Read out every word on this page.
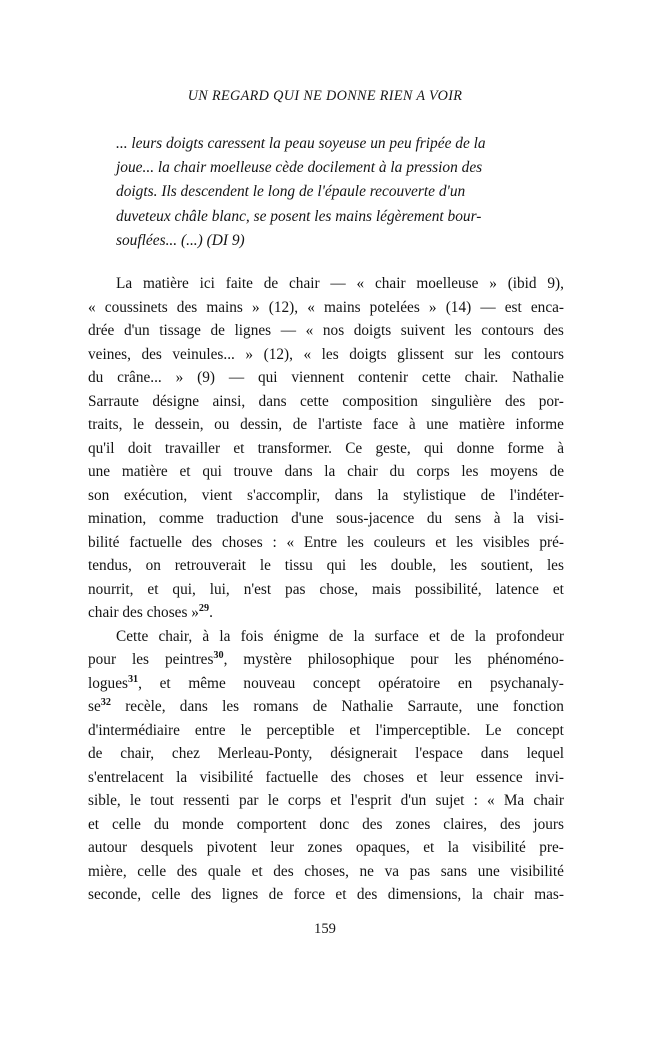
UN REGARD QUI NE DONNE RIEN A VOIR
... leurs doigts caressent la peau soyeuse un peu fripée de la
joue... la chair moelleuse cède docilement à la pression des
doigts. Ils descendent le long de l'épaule recouverte d'un
duveteux châle blanc, se posent les mains légèrement bour-
souflées... (...) (DI 9)

La matière ici faite de chair — « chair moelleuse » (ibid 9),
« coussinets des mains » (12), « mains potelées » (14) — est enca-
drée d'un tissage de lignes — « nos doigts suivent les contours des
veines, des veinules... » (12), « les doigts glissent sur les contours
du crâne... » (9) — qui viennent contenir cette chair. Nathalie
Sarraute désigne ainsi, dans cette composition singulière des por-
traits, le dessein, ou dessin, de l'artiste face à une matière informe
qu'il doit travailler et transformer. Ce geste, qui donne forme à
une matière et qui trouve dans la chair du corps les moyens de
son exécution, vient s'accomplir, dans la stylistique de l'indéter-
mination, comme traduction d'une sous-jacence du sens à la visi-
bilité factuelle des choses : « Entre les couleurs et les visibles pré-
tendus, on retrouverait le tissu qui les double, les soutient, les
nourrit, et qui, lui, n'est pas chose, mais possibilité, latence et
chair des choses »$^{29}$.

Cette chair, à la fois énigme de la surface et de la profondeur
pour les peintres$^{30}$, mystère philosophique pour les phénoméno-
logues$^{31}$, et même nouveau concept opératoire en psychanaly-
$se^{32}$ recèle, dans les romans de Nathalie Sarraute, une fonction
d'intermédiaire entre le perceptible et l'imperceptible. Le concept
de chair, chez Merleau-Ponty, désignerait l'espace dans lequel
s'entrelacent la visibilité factuelle des choses et leur essence invi-
sible, le tout ressenti par le corps et l'esprit d'un sujet : « Ma chair
et celle du monde comportent donc des zones claires, des jours
autour desquels pivotent leur zones opaques, et la visibilité pre-
mière, celle des quale et des choses, ne va pas sans une visibilité
seconde, celle des lignes de force et des dimensions, la chair mas-

159
